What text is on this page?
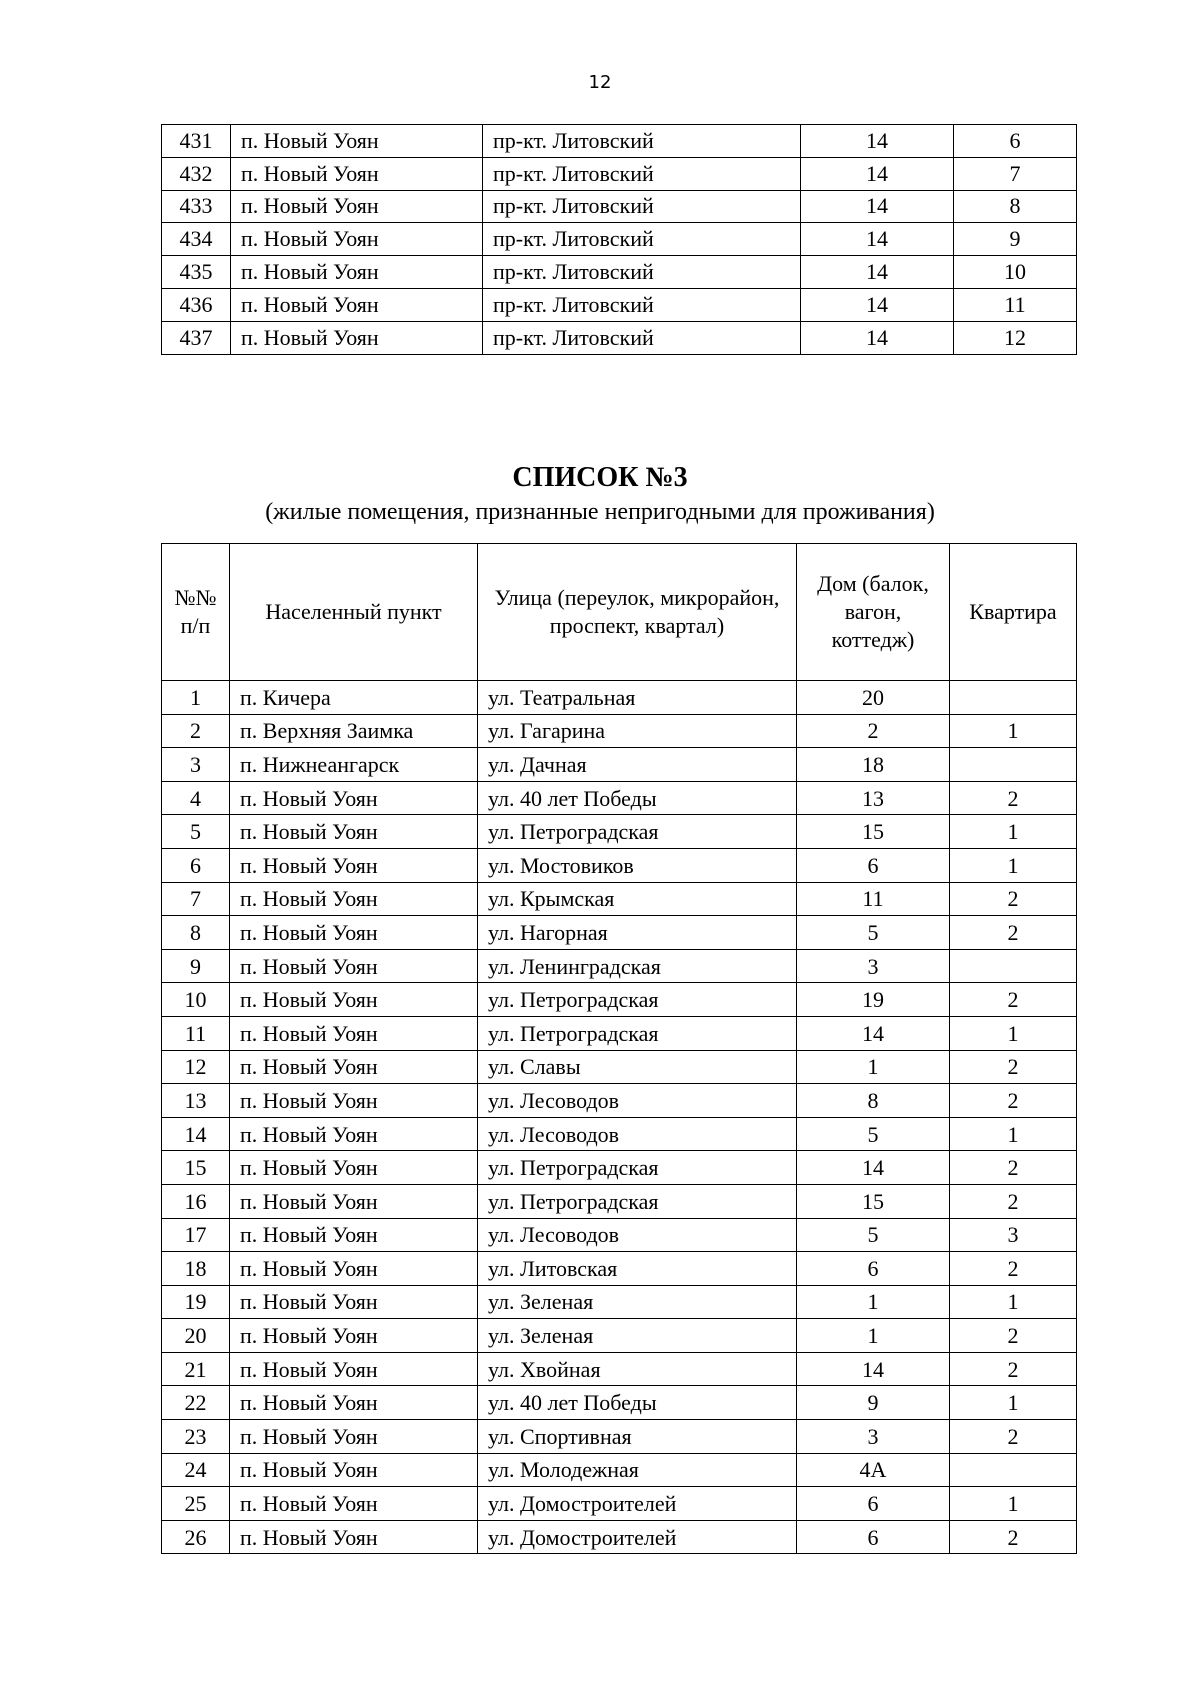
12
431	п. Новый Уоян	пр-кт. Литовский	14	6
432	п. Новый Уоян	пр-кт. Литовский	14	7
433	п. Новый Уоян	пр-кт. Литовский	14	8
434	п. Новый Уоян	пр-кт. Литовский	14	9
435	п. Новый Уоян	пр-кт. Литовский	14	10
436	п. Новый Уоян	пр-кт. Литовский	14	11
437	п. Новый Уоян	пр-кт. Литовский	14	12
СПИСОК №3
(жилые помещения, признанные непригодными для проживания)
№№ п/п	Населенный пункт	Улица (переулок, микрорайон, проспект, квартал)	Дом (балок, вагон, коттедж)	Квартира
1	п. Кичера	ул. Театральная	20	
2	п. Верхняя Заимка	ул. Гагарина	2	1
3	п. Нижнеангарск	ул. Дачная	18	
4	п. Новый Уоян	ул. 40 лет Победы	13	2
5	п. Новый Уоян	ул. Петроградская	15	1
6	п. Новый Уоян	ул. Мостовиков	6	1
7	п. Новый Уоян	ул. Крымская	11	2
8	п. Новый Уоян	ул. Нагорная	5	2
9	п. Новый Уоян	ул. Ленинградская	3	
10	п. Новый Уоян	ул. Петроградская	19	2
11	п. Новый Уоян	ул. Петроградская	14	1
12	п. Новый Уоян	ул. Славы	1	2
13	п. Новый Уоян	ул. Лесоводов	8	2
14	п. Новый Уоян	ул. Лесоводов	5	1
15	п. Новый Уоян	ул. Петроградская	14	2
16	п. Новый Уоян	ул. Петроградская	15	2
17	п. Новый Уоян	ул. Лесоводов	5	3
18	п. Новый Уоян	ул. Литовская	6	2
19	п. Новый Уоян	ул. Зеленая	1	1
20	п. Новый Уоян	ул. Зеленая	1	2
21	п. Новый Уоян	ул. Хвойная	14	2
22	п. Новый Уоян	ул. 40 лет Победы	9	1
23	п. Новый Уоян	ул. Спортивная	3	2
24	п. Новый Уоян	ул. Молодежная	4А	
25	п. Новый Уоян	ул. Домостроителей	6	1
26	п. Новый Уоян	ул. Домостроителей	6	2
